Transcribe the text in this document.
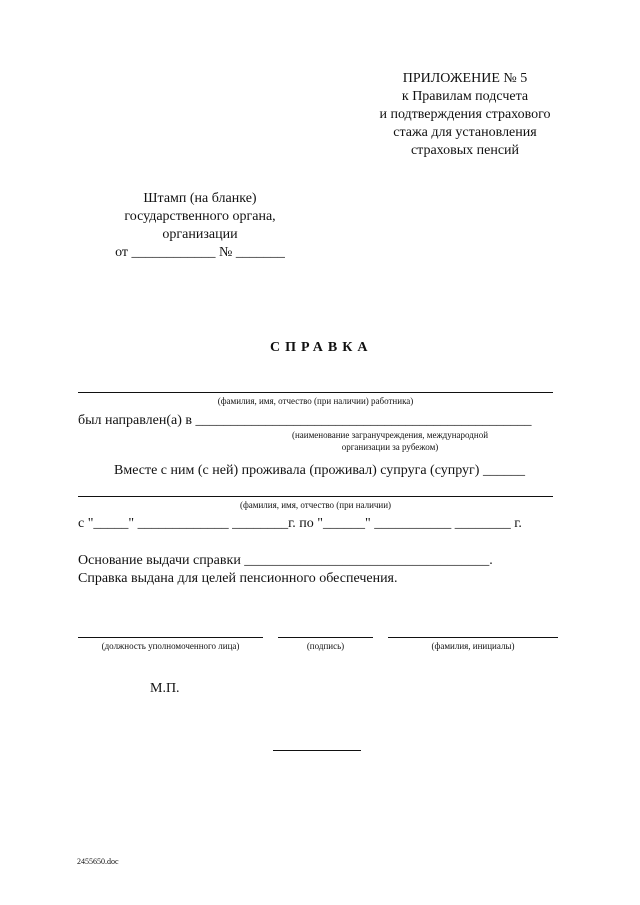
ПРИЛОЖЕНИЕ № 5
к Правилам подсчета
и подтверждения страхового
стажа для установления
страховых пенсий
Штамп (на бланке)
государственного органа,
организации
от ____________ № _______
СПРАВКА
(фамилия, имя, отчество (при наличии) работника)
был направлен(а) в ________________________________________________
(наименование загранучреждения, международной
организации за рубежом)
Вместе с ним (с ней) проживала (проживал) супруга (супруг) ______
(фамилия, имя, отчество (при наличии)
с "_____" _____________ ________г. по "______" ___________ ________ г.
Основание выдачи справки ___________________________________.
Справка выдана для целей пенсионного обеспечения.
(должность уполномоченного лица)	(подпись)	(фамилия, инициалы)
М.П.
2455650.doc
